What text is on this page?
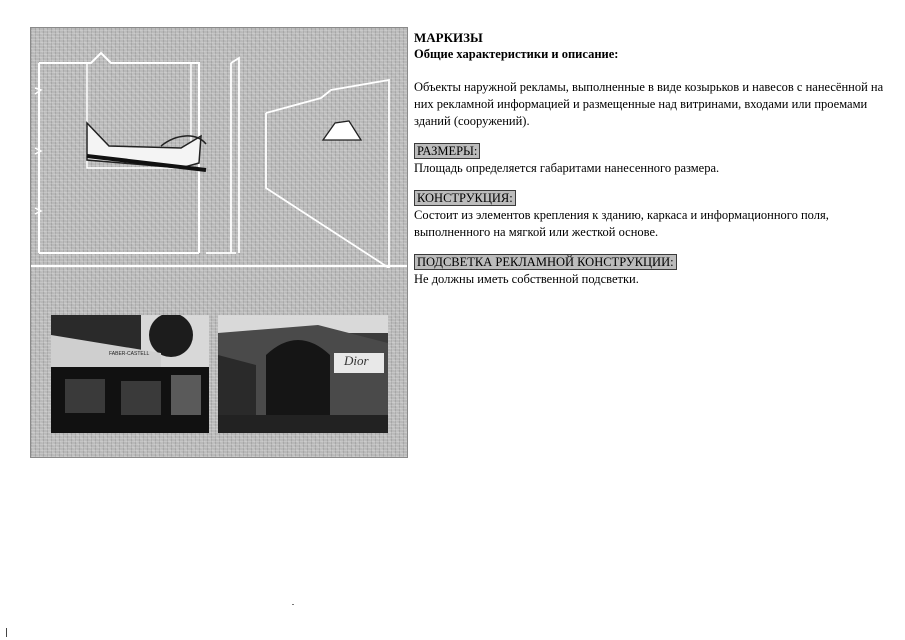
FABER-CASTELL	Dior

МАРКИЗЫ

Общие характеристики и описание:

Объекты наружной рекламы, выполненные в виде козырьков и навесов с нанесённой на них рекламной информацией и размещенные над витринами, входами или проемами зданий (сооружений).

РАЗМЕРЫ:

Площадь определяется габаритами нанесенного размера.

КОНСТРУКЦИЯ:

Состоит из элементов крепления к зданию, каркаса и информационного поля, выполненного на мягкой или жесткой основе.

ПОДСВЕТКА РЕКЛАМНОЙ КОНСТРУКЦИИ:

Не должны иметь собственной подсветки.
